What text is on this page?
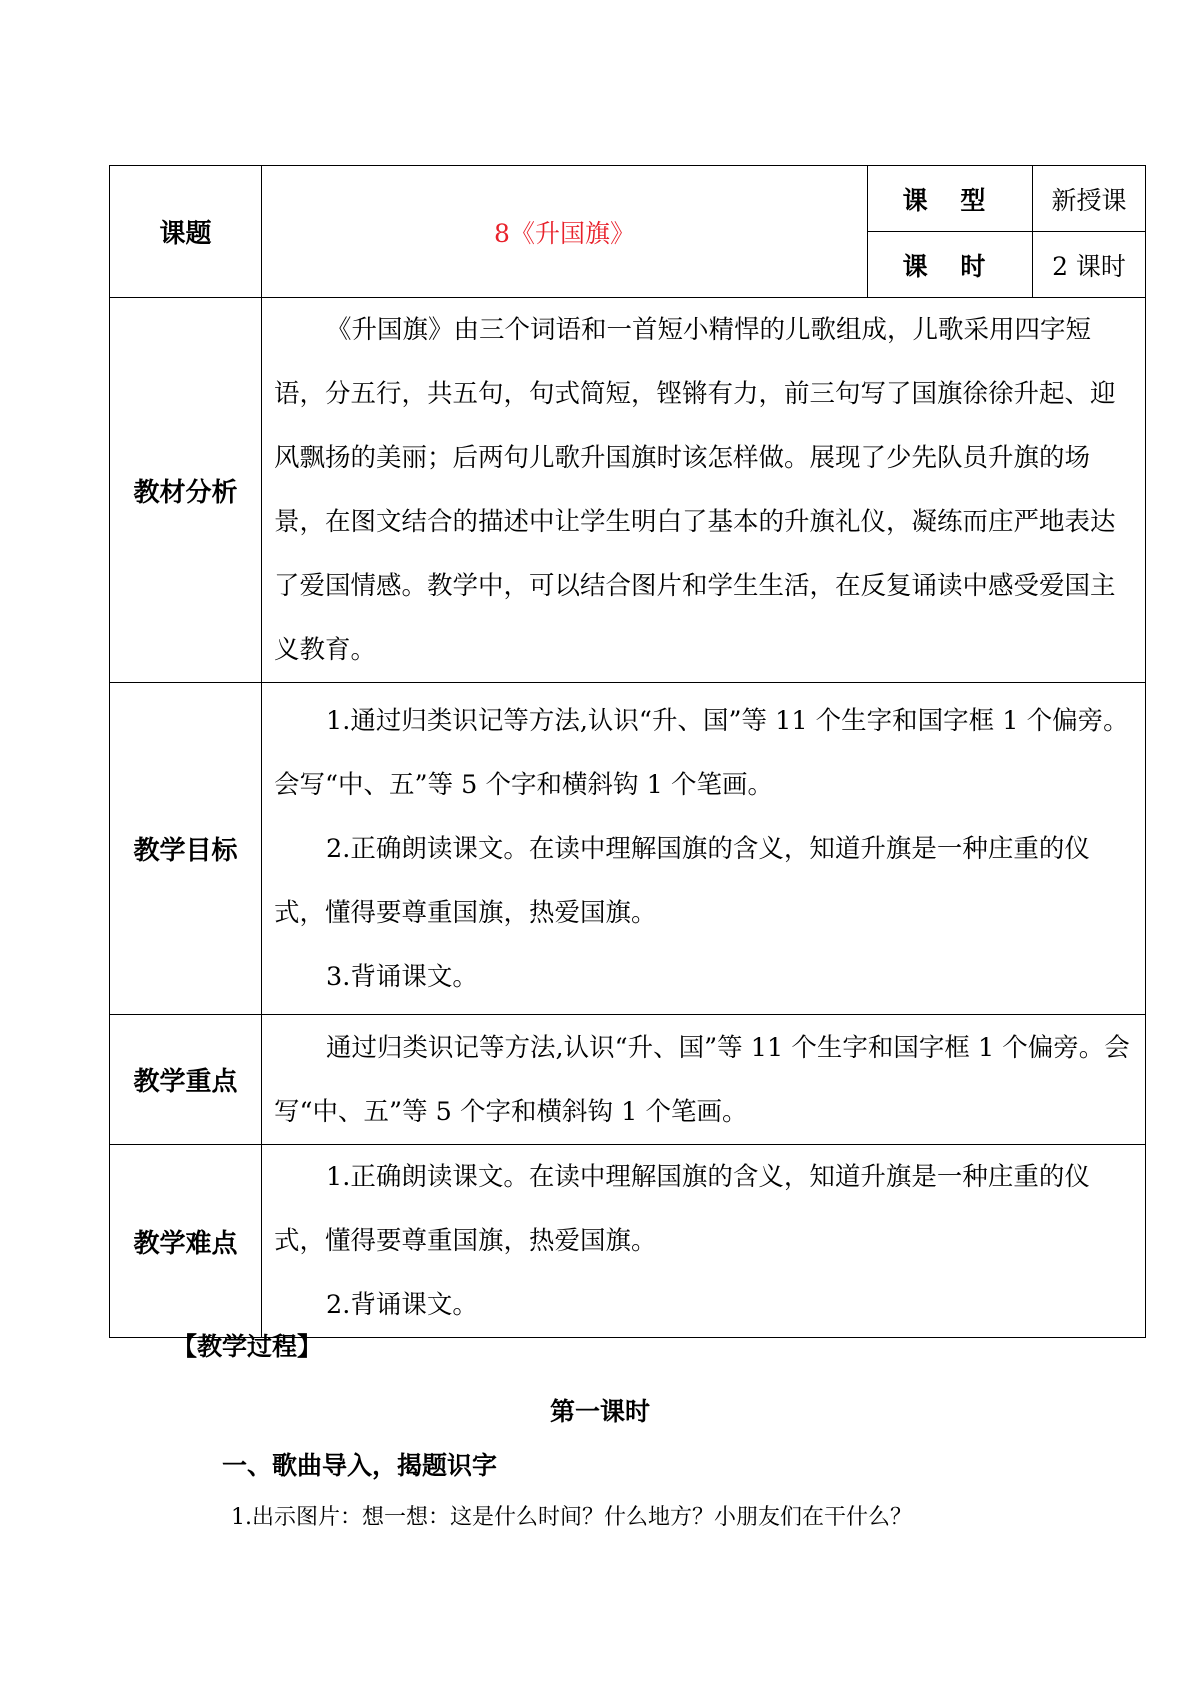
课题	8《升国旗》	课 型	新授课
		课 时	2 课时
教材分析	《升国旗》由三个词语和一首短小精悍的儿歌组成，儿歌采用四字短语，分五行，共五句，句式简短，铿锵有力，前三句写了国旗徐徐升起、迎风飘扬的美丽；后两句儿歌升国旗时该怎样做。展现了少先队员升旗的场景，在图文结合的描述中让学生明白了基本的升旗礼仪，凝练而庄严地表达了爱国情感。教学中，可以结合图片和学生生活，在反复诵读中感受爱国主义教育。		

教学目标	1.通过归类识记等方法,认识“升、国”等 11 个生字和国字框 1 个偏旁。会写“中、五”等 5 个字和横斜钩 1 个笔画。

2.正确朗读课文。在读中理解国旗的含义，知道升旗是一种庄重的仪式，懂得要尊重国旗，热爱国旗。

3.背诵课文。		

教学重点	通过归类识记等方法,认识“升、国”等 11 个生字和国字框 1 个偏旁。会写“中、五”等 5 个字和横斜钩 1 个笔画。		

教学难点	1.正确朗读课文。在读中理解国旗的含义，知道升旗是一种庄重的仪式，懂得要尊重国旗，热爱国旗。

2.背诵课文。		

【教学过程】
第一课时
一、歌曲导入，揭题识字
1.出示图片：想一想：这是什么时间？什么地方？小朋友们在干什么？
